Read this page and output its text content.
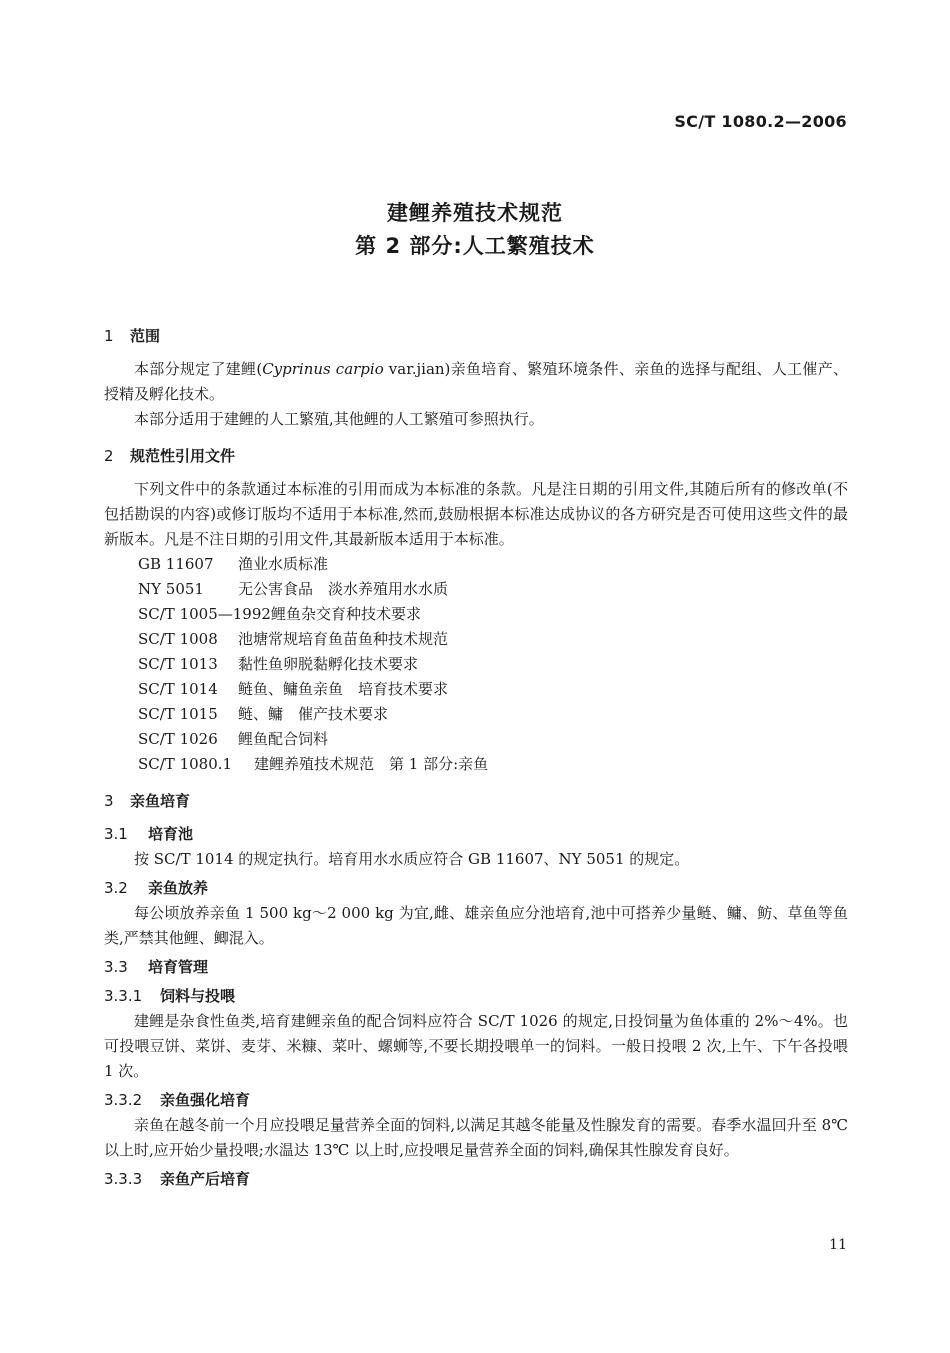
SC/T 1080.2—2006
建鲤养殖技术规范
第 2 部分:人工繁殖技术
1 范围

本部分规定了建鲤(Cyprinus carpio var.jian)亲鱼培育、繁殖环境条件、亲鱼的选择与配组、人工催产、授精及孵化技术。

本部分适用于建鲤的人工繁殖,其他鲤的人工繁殖可参照执行。

2 规范性引用文件

下列文件中的条款通过本标准的引用而成为本标准的条款。凡是注日期的引用文件,其随后所有的修改单(不包括勘误的内容)或修订版均不适用于本标准,然而,鼓励根据本标准达成协议的各方研究是否可使用这些文件的最新版本。凡是不注日期的引用文件,其最新版本适用于本标准。

GB 11607 渔业水质标准
NY 5051 无公害食品　淡水养殖用水水质
SC/T 1005—1992鲤鱼杂交育种技术要求
SC/T 1008 池塘常规培育鱼苗鱼种技术规范
SC/T 1013 黏性鱼卵脱黏孵化技术要求
SC/T 1014 鲢鱼、鳙鱼亲鱼　培育技术要求
SC/T 1015 鲢、鳙　催产技术要求
SC/T 1026 鲤鱼配合饲料
SC/T 1080.1 建鲤养殖技术规范　第 1 部分:亲鱼
3 亲鱼培育
3.1 培育池

按 SC/T 1014 的规定执行。培育用水水质应符合 GB 11607、NY 5051 的规定。

3.2 亲鱼放养

每公顷放养亲鱼 1 500 kg～2 000 kg 为宜,雌、雄亲鱼应分池培育,池中可搭养少量鲢、鳙、鲂、草鱼等鱼类,严禁其他鲤、鲫混入。

3.3 培育管理
3.3.1 饲料与投喂

建鲤是杂食性鱼类,培育建鲤亲鱼的配合饲料应符合 SC/T 1026 的规定,日投饲量为鱼体重的 2%～4%。也可投喂豆饼、菜饼、麦芽、米糠、菜叶、螺蛳等,不要长期投喂单一的饲料。一般日投喂 2 次,上午、下午各投喂 1 次。

3.3.2 亲鱼强化培育

亲鱼在越冬前一个月应投喂足量营养全面的饲料,以满足其越冬能量及性腺发育的需要。春季水温回升至 8℃ 以上时,应开始少量投喂;水温达 13℃ 以上时,应投喂足量营养全面的饲料,确保其性腺发育良好。

3.3.3 亲鱼产后培育
11
